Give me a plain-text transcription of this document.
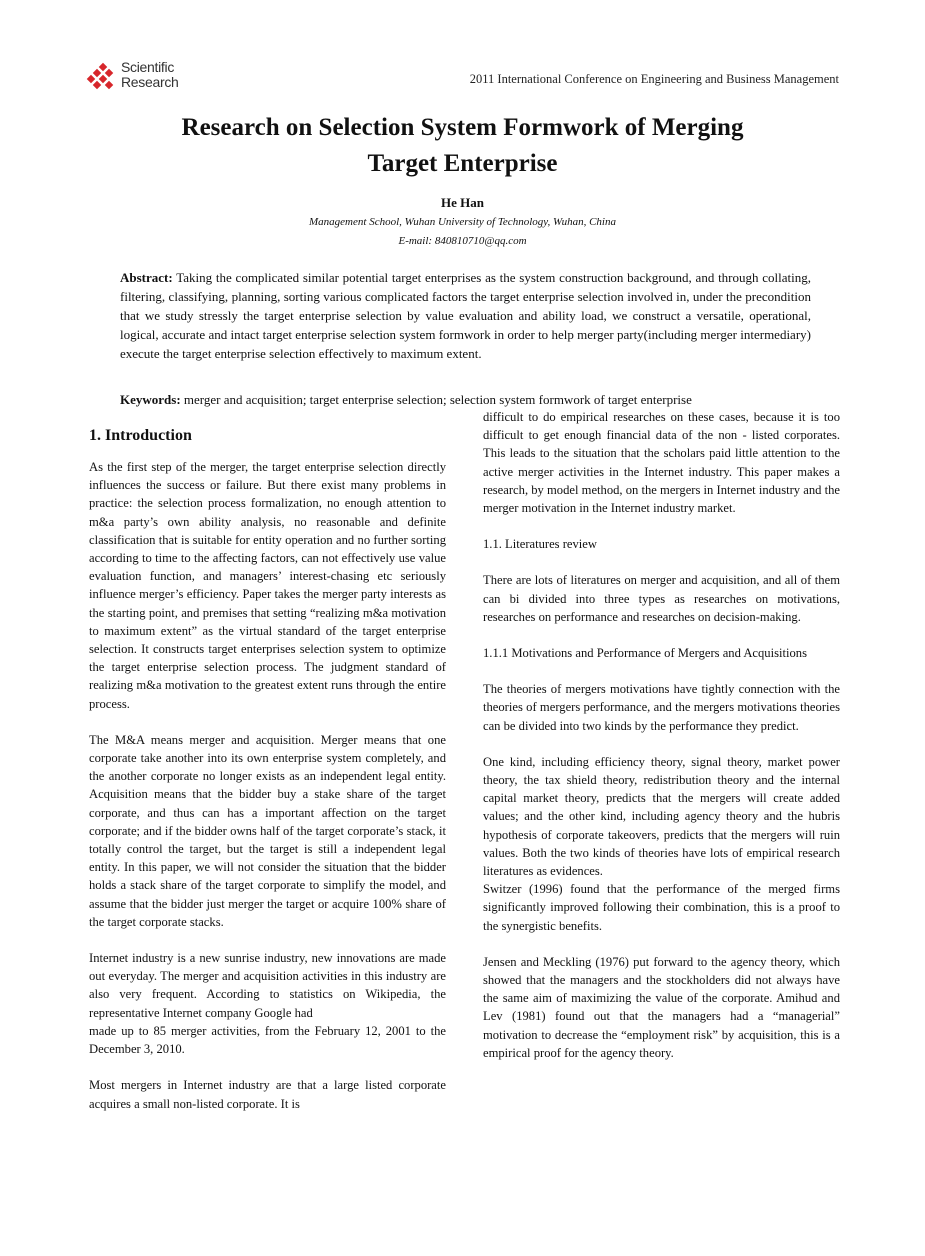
Scientific
Research	2011 International Conference on Engineering and Business Management
Research on Selection System Formwork of Merging
Target Enterprise
He Han
Management School, Wuhan University of Technology, Wuhan, China
E-mail: 840810710@qq.com
Abstract: Taking the complicated similar potential target enterprises as the system construction background, and through collating, filtering, classifying, planning, sorting various complicated factors the target enterprise selection involved in, under the precondition that we study stressly the target enterprise selection by value evaluation and ability load, we construct a versatile, operational, logical, accurate and intact target enterprise selection system formwork in order to help merger party(including merger intermediary) execute the target enterprise selection effectively to maximum extent.
Keywords: merger and acquisition; target enterprise selection; selection system formwork of target enterprise
1. Introduction

As the first step of the merger, the target enterprise selection directly influences the success or failure. But there exist many problems in practice: the selection process formalization, no enough attention to m&a party’s own ability analysis, no reasonable and definite classification that is suitable for entity operation and no further sorting according to time to the affecting factors, can not effectively use value evaluation function, and managers’ interest-chasing etc seriously influence merger’s efficiency. Paper takes the merger party interests as the starting point, and premises that setting “realizing m&a motivation to maximum extent” as the virtual standard of the target enterprise selection. It constructs target enterprises selection system to optimize the target enterprise selection process. The judgment standard of realizing m&a motivation to the greatest extent runs through the entire process.

The M&A means merger and acquisition. Merger means that one corporate take another into its own enterprise system completely, and the another corporate no longer exists as an independent legal entity. Acquisition means that the bidder buy a stake share of the target corporate, and thus can has a important affection on the target corporate; and if the bidder owns half of the target corporate’s stack, it totally control the target, but the target is still a independent legal entity. In this paper, we will not consider the situation that the bidder holds a stack share of the target corporate to simplify the model, and assume that the bidder just merger the target or acquire 100% share of the target corporate stacks.

Internet industry is a new sunrise industry, new innovations are made out everyday. The merger and acquisition activities in this industry are also very frequent. According to statistics on Wikipedia, the representative Internet company Google had

made up to 85 merger activities, from the February 12, 2001 to the December 3, 2010.

Most mergers in Internet industry are that a large listed corporate acquires a small non-listed corporate. It is

difficult to do empirical researches on these cases, because it is too difficult to get enough financial data of the non - listed corporates. This leads to the situation that the scholars paid little attention to the active merger activities in the Internet industry. This paper makes a research, by model method, on the mergers in Internet industry and the merger motivation in the Internet industry market.

1.1. Literatures review

There are lots of literatures on merger and acquisition, and all of them can bi divided into three types as researches on motivations, researches on performance and researches on decision-making.

1.1.1 Motivations and Performance of Mergers and Acquisitions

The theories of mergers motivations have tightly connection with the theories of mergers performance, and the mergers motivations theories can be divided into two kinds by the performance they predict.

One kind, including efficiency theory, signal theory, market power theory, the tax shield theory, redistribution theory and the internal capital market theory, predicts that the mergers will create added values; and the other kind, including agency theory and the hubris hypothesis of corporate takeovers, predicts that the mergers will ruin values. Both the two kinds of theories have lots of empirical research literatures as evidences.

Switzer (1996) found that the performance of the merged firms significantly improved following their combination, this is a proof to the synergistic benefits.

Jensen and Meckling (1976) put forward to the agency theory, which showed that the managers and the stockholders did not always have the same aim of maximizing the value of the corporate. Amihud and Lev (1981) found out that the managers had a “managerial” motivation to decrease the “employment risk” by acquisition, this is a empirical proof for the agency theory.
